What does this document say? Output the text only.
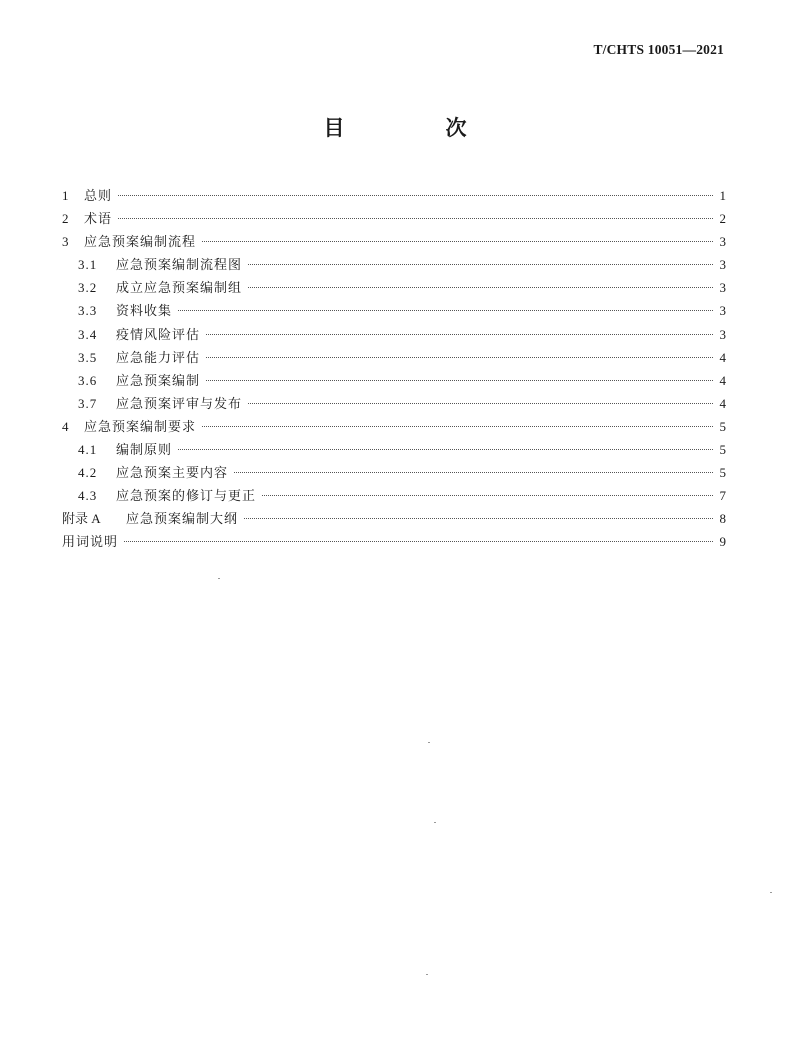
T/CHTS 10051—2021
目　次
1	总则	1
2	术语	2
3	应急预案编制流程	3
3.1	应急预案编制流程图	3
3.2	成立应急预案编制组	3
3.3	资料收集	3
3.4	疫情风险评估	3
3.5	应急能力评估	4
3.6	应急预案编制	4
3.7	应急预案评审与发布	4
4	应急预案编制要求	5
4.1	编制原则	5
4.2	应急预案主要内容	5
4.3	应急预案的修订与更正	7
附录 A	应急预案编制大纲	8
用词说明	9
